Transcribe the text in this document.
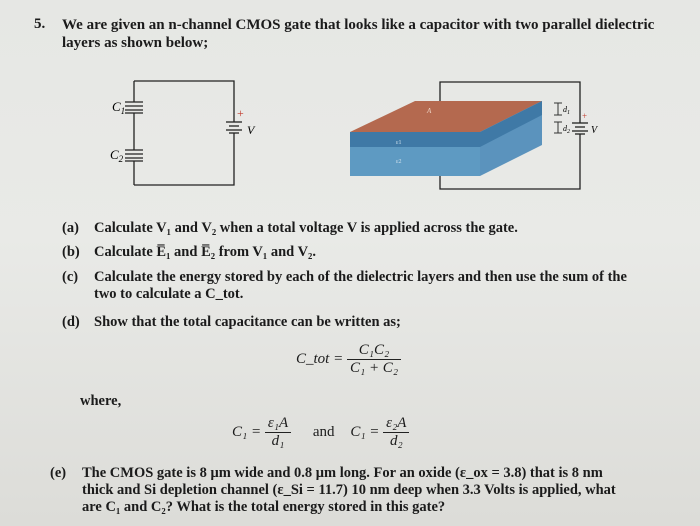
5. We are given an n-channel CMOS gate that looks like a capacitor with two parallel dielectric layers as shown below;
$C_1$
$C_2$
+
V
A
ε1
ε2
$d_1$
$d_2$
+
V
(a) Calculate V₁ and V₂ when a total voltage V is applied across the gate.
(b) Calculate E̅₁ and E̅₂ from V₁ and V₂.
(c) Calculate the energy stored by each of the dielectric layers and then use the sum of the
two to calculate a C_tot.
(d) Show that the total capacitance can be written as;
C_tot = $\frac{\text{C₁C₂}}{\text{C₁ + C₂}}$
where,
$C_1 = \frac{\text{ε₁A}}{\text{d₁}}$ and $C_1 = \frac{\text{ε₂A}}{\text{d₂}}$
(e) The CMOS gate is 8 μm wide and 0.8 μm long. For an oxide (ε_ox = 3.8) that is 8 nm
thick and Si depletion channel (ε_Si = 11.7) 10 nm deep when 3.3 Volts is applied, what
are C₁ and C₂? What is the total energy stored in this gate?
